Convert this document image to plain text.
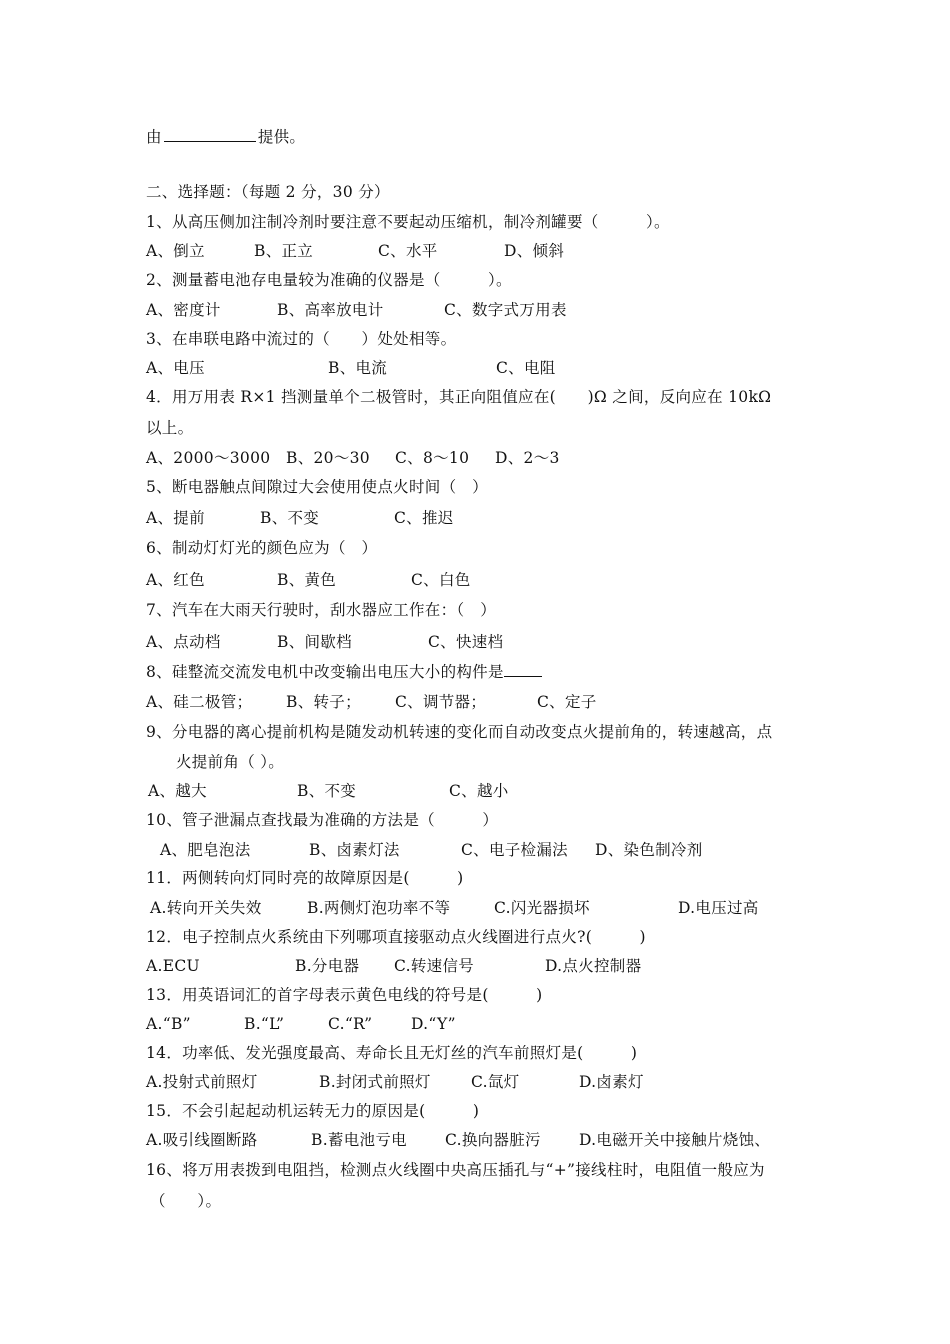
由	提供。
二、选择题：（每题 2 分，30 分）
1、从高压侧加注制冷剂时要注意不要起动压缩机，制冷剂罐要（　　　）。
A、倒立	B、正立	C、水平	D、倾斜
2、测量蓄电池存电量较为准确的仪器是（　　　）。
A、密度计	B、高率放电计	C、数字式万用表
3、在串联电路中流过的（　　）处处相等。
A、电压	B、电流	C、电阻
4．用万用表 R×1 挡测量单个二极管时，其正向阻值应在(　　)Ω 之间，反向应在 10kΩ
以上。
A、2000～3000 B、20～30 C、8～10 D、2～3
5、断电器触点间隙过大会使用使点火时间（　）
A、提前	B、不变	C、推迟
6、制动灯灯光的颜色应为（　）
A、红色	B、黄色	C、白色
7、汽车在大雨天行驶时，刮水器应工作在：（　）
A、点动档	B、间歇档	C、快速档
8、硅整流交流发电机中改变输出电压大小的构件是
A、硅二极管； B、转子； C、调节器；	C、定子
9、分电器的离心提前机构是随发动机转速的变化而自动改变点火提前角的，转速越高，点
火提前角（ ）。
A、越大	B、不变	C、越小
10、管子泄漏点查找最为准确的方法是（　　　）
A、肥皂泡法	B、卤素灯法	C、电子检漏法 D、染色制冷剂
11．两侧转向灯同时亮的故障原因是(　　　)
A.转向开关失效	B.两侧灯泡功率不等	C.闪光器损坏	D.电压过高
12．电子控制点火系统由下列哪项直接驱动点火线圈进行点火?(　　　)
A.ECU	B.分电器 C.转速信号	D.点火控制器
13．用英语词汇的首字母表示黄色电线的符号是(　　　)
A.“B”	B.“L”	C.“R” D.“Y”
14．功率低、发光强度最高、寿命长且无灯丝的汽车前照灯是(　　　)
A.投射式前照灯	B.封闭式前照灯	C.氙灯	D.卤素灯
15．不会引起起动机运转无力的原因是(　　　)
A.吸引线圈断路	B.蓄电池亏电 C.换向器脏污 D.电磁开关中接触片烧蚀、
16、将万用表拨到电阻挡，检测点火线圈中央高压插孔与“+”接线柱时，电阻值一般应为
（　　）。
